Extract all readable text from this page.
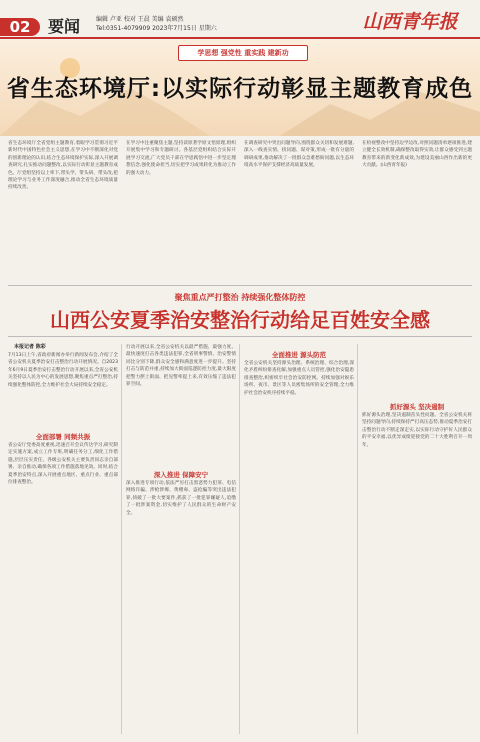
02	要闻	编辑 卢亚 校对 王晨 美编 袁硕然
Tel:0351-4079909 2023年7月15日 星期六	山西青年报
学思想 强党性 重实践 建新功
省生态环境厅:以实际行动彰显主题教育成色
省生态环境厅全省党组主题教育,着眼学习贯彻习近平新时代中国特色社会主义思想,在学习中不断深化对党的创新理论的认识,结合生态环境保护实际,深入开展调查研究,扎实推动问题整改,以实际行动彰显主题教育成色。厅党组坚持以上率下,带头学、带头研、带头改,把理论学习与业务工作深度融合,推动全省生态环境质量持续改善。
在学习中注重聚焦主题,坚持读原著学原文悟原理,组织开展集中学习和专题研讨。各基层党组织结合实际开展学习交流,广大党员干部在学思践悟中进一步坚定理想信念,强化使命担当,切实把学习成果转化为推动工作的强大动力。
在调查研究中突出问题导向,围绕群众关切和发展难题,深入一线查实情、找问题、谋对策,形成一批有分量的调研成果,推动解决了一批群众急难愁盼问题,以生态环境高水平保护支撑经济高质量发展。
在检视整改中坚持边学边改,对照问题清单逐项推进,建立健全长效机制,确保整改取得实效,让群众感受到主题教育带来的新变化新成效,为建设美丽山西作出新的更大贡献。(山西青年报)
聚焦重点严打整治 持续强化整体防控
山西公安夏季治安整治行动给足百姓安全感
本报记者 陈彩
全面部署 同频共振
深入推进 保障安宁
全面推进 源头防范
抓好源头 坚决遏制
7月13日上午,省政府新闻办举行新闻发布会,介绍了全省公安机关夏季治安打击整治行动开展情况。自2023年6月9日夏季治安打击整治行动开展以来,全省公安机关坚持以人民为中心的发展思想,聚焦重点严打整治,持续强化整体防控,全力维护社会大局持续安全稳定。
省公安厅党委高度重视,迅速召开会议传达学习,研究制定实施方案,成立工作专班,明确任务分工,细化工作措施,层层压实责任。各级公安机关主要负责同志亲自部署、亲自推动,确保各项工作措施落地见效。同时,结合夏季治安特点,深入开展重点地区、重点行业、重点部位排查整治。
行动开展以来,全省公安机关以最严措施、最强力度、最快速度打击各类违法犯罪,全省刑事警情、治安警情同比分别下降,群众安全感和满意度进一步提升。坚持打击与防范并重,持续加大街面巡逻防控力度,最大限度把警力摆上街面、把见警率提上来,有效压缩了违法犯罪空间。
深入推进专项行动,依法严厉打击黑恶势力犯罪、电信网络诈骗、涉枪涉爆、黄赌毒、盗抢骗等突出违法犯罪,侦破了一批大要案件,抓获了一批犯罪嫌疑人,追缴了一批涉案资金,切实维护了人民群众的生命财产安全。
全省公安机关坚持源头治理、系统治理、综合治理,深化矛盾纠纷排查化解,加强重点人员管控,强化治安隐患排查整治,织密织牢社会治安防控网。持续加强对娱乐场所、夜市、景区等人员密集场所的安全管理,全力维护社会治安秩序持续平稳。
抓好源头治理,坚决遏制苗头性问题。全省公安机关将坚持问题导向,持续保持严打高压态势,推动夏季治安打击整治行动不断走深走实,以实际行动守护好人民群众的平安幸福,以优异成绩迎接党的二十大胜利召开一周年。
